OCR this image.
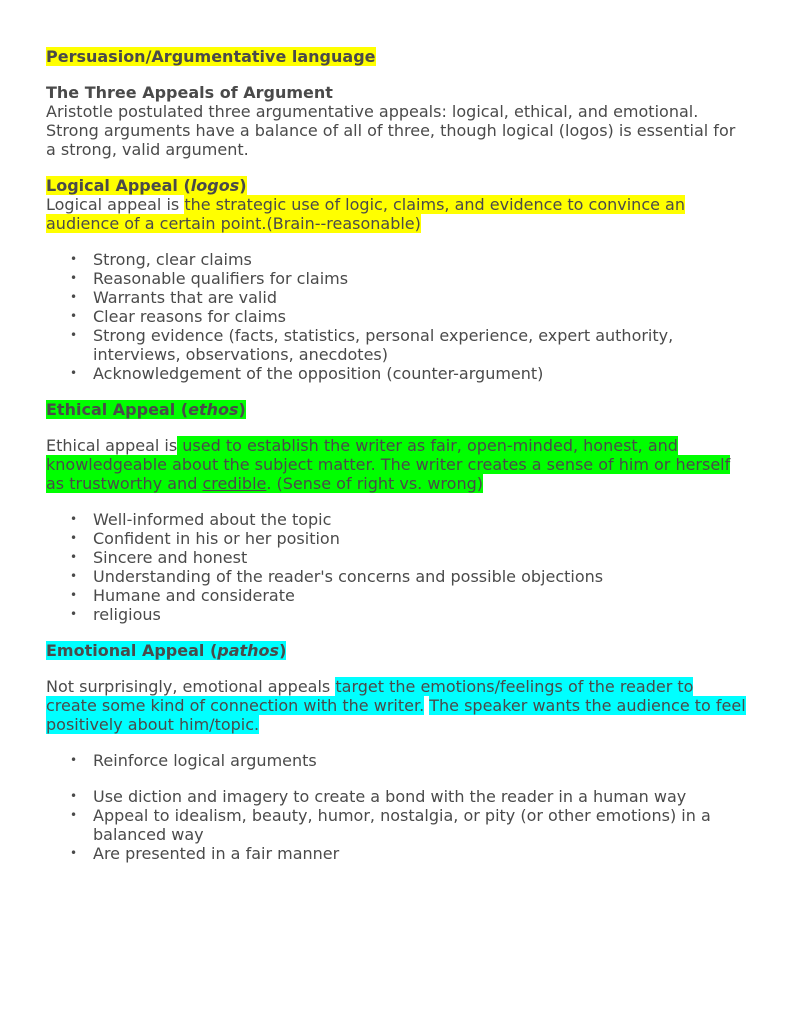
Persuasion/Argumentative language

The Three Appeals of Argument

Aristotle postulated three argumentative appeals: logical, ethical, and emotional. Strong arguments have a balance of all of three, though logical (logos) is essential for a strong, valid argument.

Logical Appeal (logos)

Logical appeal is the strategic use of logic, claims, and evidence to convince an audience of a certain point.(Brain--reasonable)

• Strong, clear claims
• Reasonable qualifiers for claims
• Warrants that are valid
• Clear reasons for claims
• Strong evidence (facts, statistics, personal experience, expert authority, interviews, observations, anecdotes)
• Acknowledgement of the opposition (counter-argument)

Ethical Appeal (ethos)

Ethical appeal is used to establish the writer as fair, open-minded, honest, and knowledgeable about the subject matter. The writer creates a sense of him or herself as trustworthy and credible. (Sense of right vs. wrong)

• Well-informed about the topic
• Confident in his or her position
• Sincere and honest
• Understanding of the reader's concerns and possible objections
• Humane and considerate
• religious

Emotional Appeal (pathos)

Not surprisingly, emotional appeals target the emotions/feelings of the reader to create some kind of connection with the writer. The speaker wants the audience to feel positively about him/topic.

• Reinforce logical arguments
• Use diction and imagery to create a bond with the reader in a human way
• Appeal to idealism, beauty, humor, nostalgia, or pity (or other emotions) in a balanced way
• Are presented in a fair manner
